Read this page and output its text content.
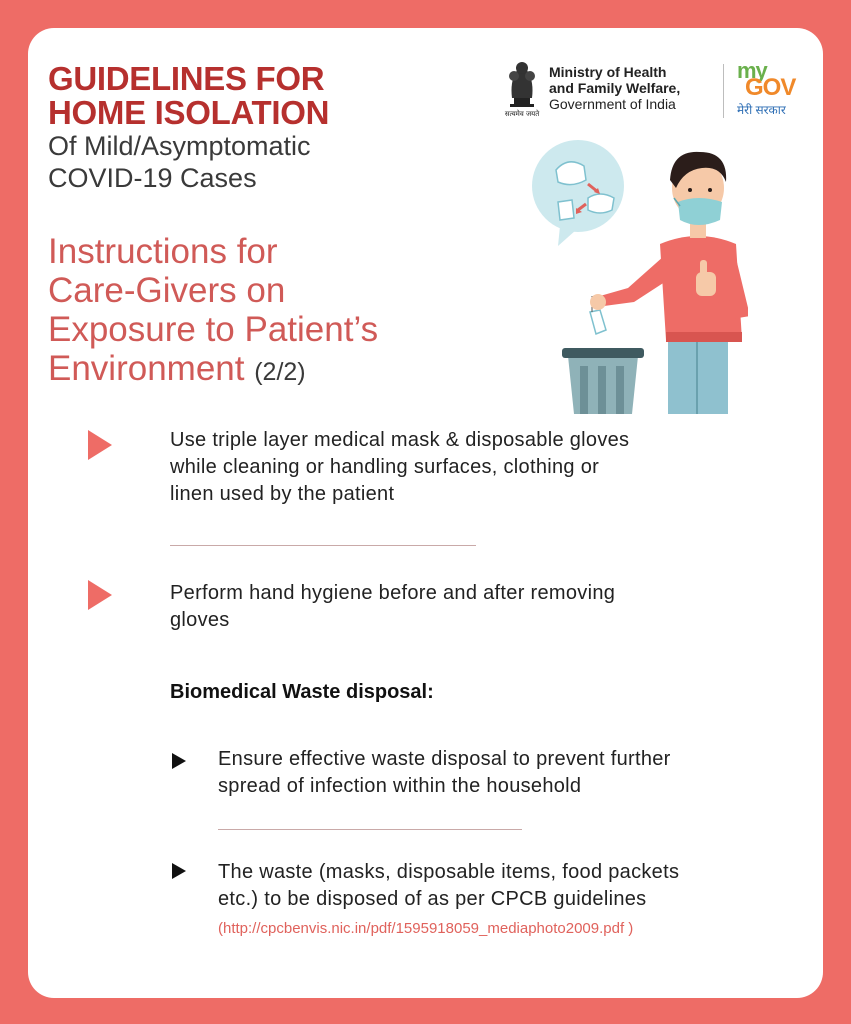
GUIDELINES FOR
HOME ISOLATION
Of Mild/Asymptomatic
COVID-19 Cases
सत्यमेव जयते
Ministry of Health
and Family Welfare,
Government of India
my
GOV
मेरी सरकार
Instructions for
Care-Givers on
Exposure to Patient’s
Environment (2/2)
Use triple layer medical mask & disposable gloves
while cleaning or handling surfaces, clothing or
linen used by the patient
Perform hand hygiene before and after removing
gloves
Biomedical Waste disposal:
Ensure effective waste disposal to prevent further
spread of infection within the household
The waste (masks, disposable items, food packets
etc.) to be disposed of as per CPCB guidelines
(http://cpcbenvis.nic.in/pdf/1595918059_mediaphoto2009.pdf )
